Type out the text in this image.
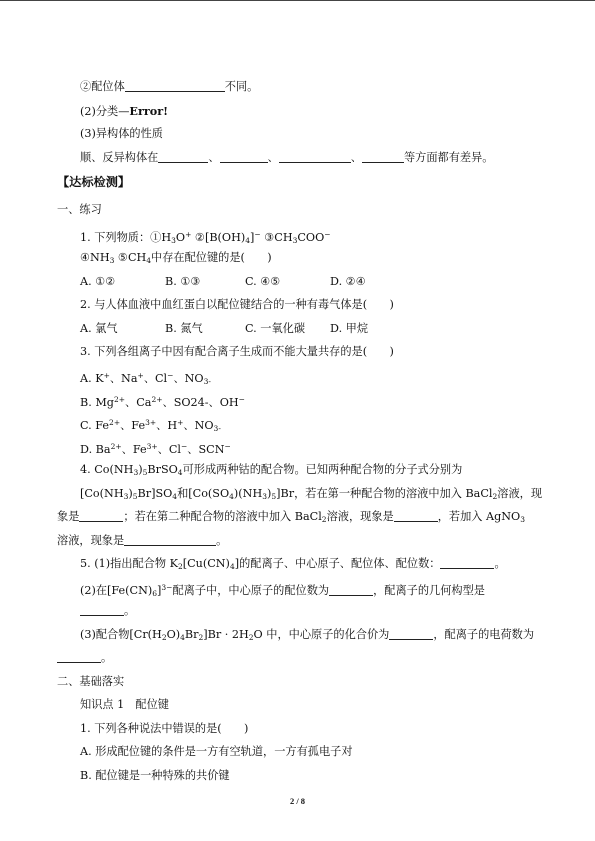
②配位体	不同。
(2)分类—Error!
(3)异构体的性质
顺、反异构体在	、	、	、	等方面都有差异。
【达标检测】
一、练习
1. 下列物质：$①H_3O^+$ $②[B(OH)_4]^-$ $③CH_3COO^-$
$④NH_3$ $⑤CH_4$中存在配位键的是(　　)
A. ①②	B. ①③	C. ④⑤	D. ②④
2. 与人体血液中血红蛋白以配位键结合的一种有毒气体是(　　)
A. 氯气	B. 氮气	C. 一氧化碳 D. 甲烷
3. 下列各组离子中因有配合离子生成而不能大量共存的是(　　)
A. K+、Na+、Cl−、$NO_{3-}$
B. $Mg^{2+}$、$Ca^{2+}$、SO24-、OH−
C. $Fe^{2+}$、$Fe^{3+}$、H+、$NO_{3-}$
D. $Ba^{2+}$、$Fe^{3+}$、Cl−、SCN−
4. $Co(NH_3)_5BrSO_4$可形成两种钴的配合物。已知两种配合物的分子式分别为
$[Co(NH_3)_5Br]SO_4$和$[Co(SO_4)(NH_3)_5]Br$，若在第一种配合物的溶液中加入 BaCl$_2$溶液，现
象是	；若在第二种配合物的溶液中加入 BaCl$_2$溶液，现象是	，若加入 AgNO$_3$
溶液，现象是	。
5. (1)指出配合物 $K_2[Cu(CN)_4]$的配离子、中心原子、配位体、配位数：	。
(2)在$[Fe(CN)_6]^{3-}$配离子中，中心原子的配位数为	，配离子的几何构型是
。
(3)配合物$[Cr(H_2O)_4Br_2]Br \cdot 2H_2O$ 中，中心原子的化合价为	，配离子的电荷数为
。
二、基础落实
知识点 1　配位键
1. 下列各种说法中错误的是(　　)
A. 形成配位键的条件是一方有空轨道，一方有孤电子对
B. 配位键是一种特殊的共价键
2 / 8
